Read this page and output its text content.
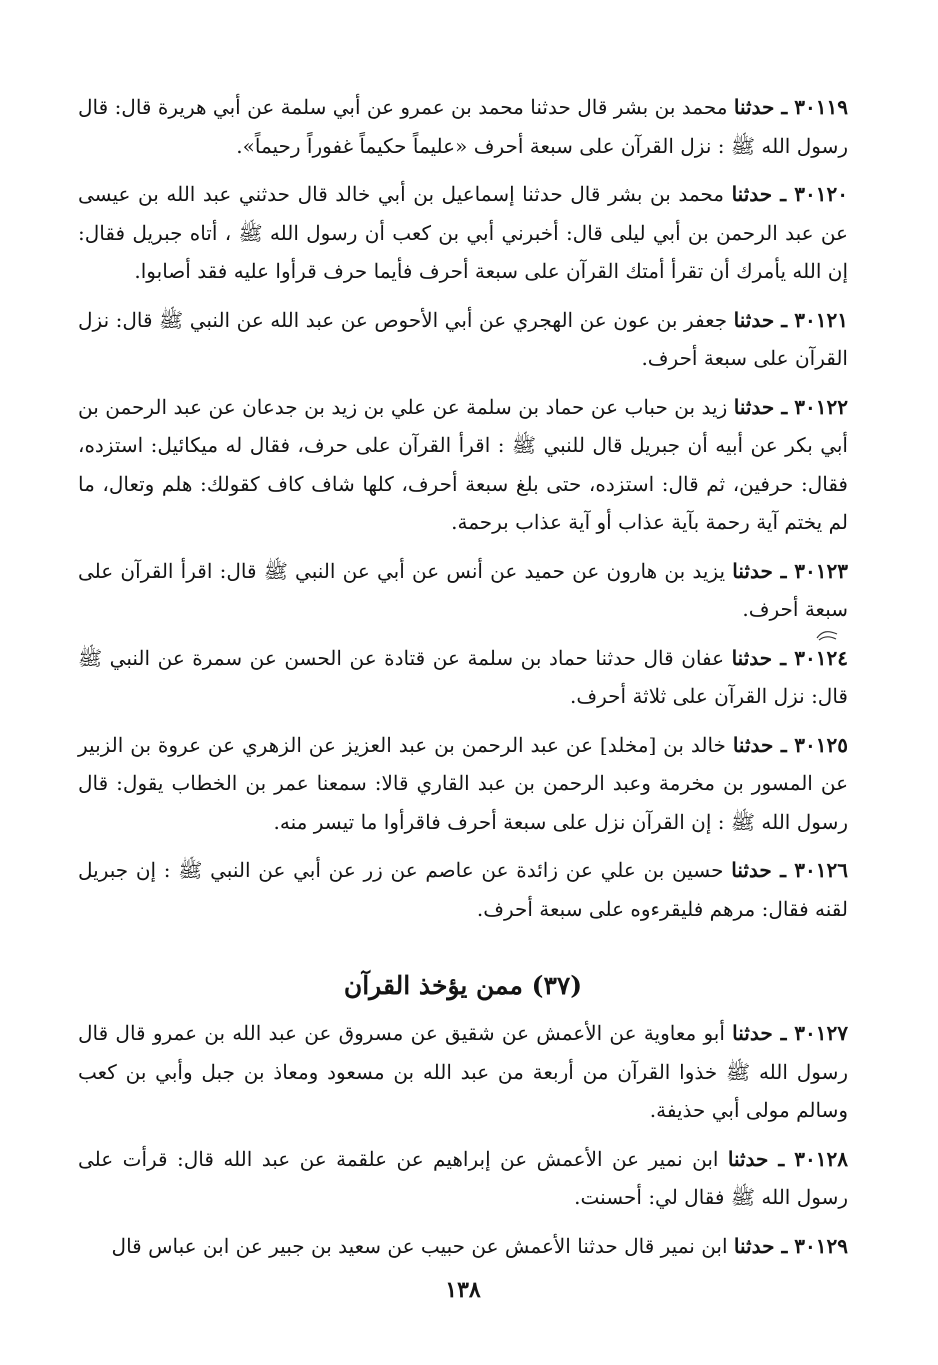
٣٠١١٩ ـ حدثنا محمد بن بشر قال حدثنا محمد بن عمرو عن أبي سلمة عن أبي هريرة قال: قال رسول الله ﷺ : نزل القرآن على سبعة أحرف «عليماً حكيماً غفوراً رحيماً».

٣٠١٢٠ ـ حدثنا محمد بن بشر قال حدثنا إسماعيل بن أبي خالد قال حدثني عبد الله بن عيسى عن عبد الرحمن بن أبي ليلى قال: أخبرني أبي بن كعب أن رسول الله ﷺ ، أتاه جبريل فقال: إن الله يأمرك أن تقرأ أمتك القرآن على سبعة أحرف فأيما حرف قرأوا عليه فقد أصابوا.

٣٠١٢١ ـ حدثنا جعفر بن عون عن الهجري عن أبي الأحوص عن عبد الله عن النبي ﷺ قال: نزل القرآن على سبعة أحرف.

٣٠١٢٢ ـ حدثنا زيد بن حباب عن حماد بن سلمة عن علي بن زيد بن جدعان عن عبد الرحمن بن أبي بكر عن أبيه أن جبريل قال للنبي ﷺ : اقرأ القرآن على حرف، فقال له ميكائيل: استزده، فقال: حرفين، ثم قال: استزده، حتى بلغ سبعة أحرف، كلها شاف كاف كقولك: هلم وتعال، ما لم يختم آية رحمة بآية عذاب أو آية عذاب برحمة.

٣٠١٢٣ ـ حدثنا يزيد بن هارون عن حميد عن أنس عن أبي عن النبي ﷺ قال: اقرأ القرآن على سبعة أحرف.

٣٠١٢٤ ـ حدثنا عفان قال حدثنا حماد بن سلمة عن قتادة عن الحسن عن سمرة عن النبي ﷺ قال: نزل القرآن على ثلاثة أحرف.

٣٠١٢٥ ـ حدثنا خالد بن [مخلد] عن عبد الرحمن بن عبد العزيز عن الزهري عن عروة بن الزبير عن المسور بن مخرمة وعبد الرحمن بن عبد القاري قالا: سمعنا عمر بن الخطاب يقول: قال رسول الله ﷺ : إن القرآن نزل على سبعة أحرف فاقرأوا ما تيسر منه.

٣٠١٢٦ ـ حدثنا حسين بن علي عن زائدة عن عاصم عن زر عن أبي عن النبي ﷺ : إن جبريل لقنه فقال: مرهم فليقرءوه على سبعة أحرف.

(٣٧) ممن يؤخذ القرآن

٣٠١٢٧ ـ حدثنا أبو معاوية عن الأعمش عن شقيق عن مسروق عن عبد الله بن عمرو قال قال رسول الله ﷺ خذوا القرآن من أربعة من عبد الله بن مسعود ومعاذ بن جبل وأبي بن كعب وسالم مولى أبي حذيفة.

٣٠١٢٨ ـ حدثنا ابن نمير عن الأعمش عن إبراهيم عن علقمة عن عبد الله قال: قرأت على رسول الله ﷺ فقال لي: أحسنت.

٣٠١٢٩ ـ حدثنا ابن نمير قال حدثنا الأعمش عن حبيب عن سعيد بن جبير عن ابن عباس قال

١٣٨
